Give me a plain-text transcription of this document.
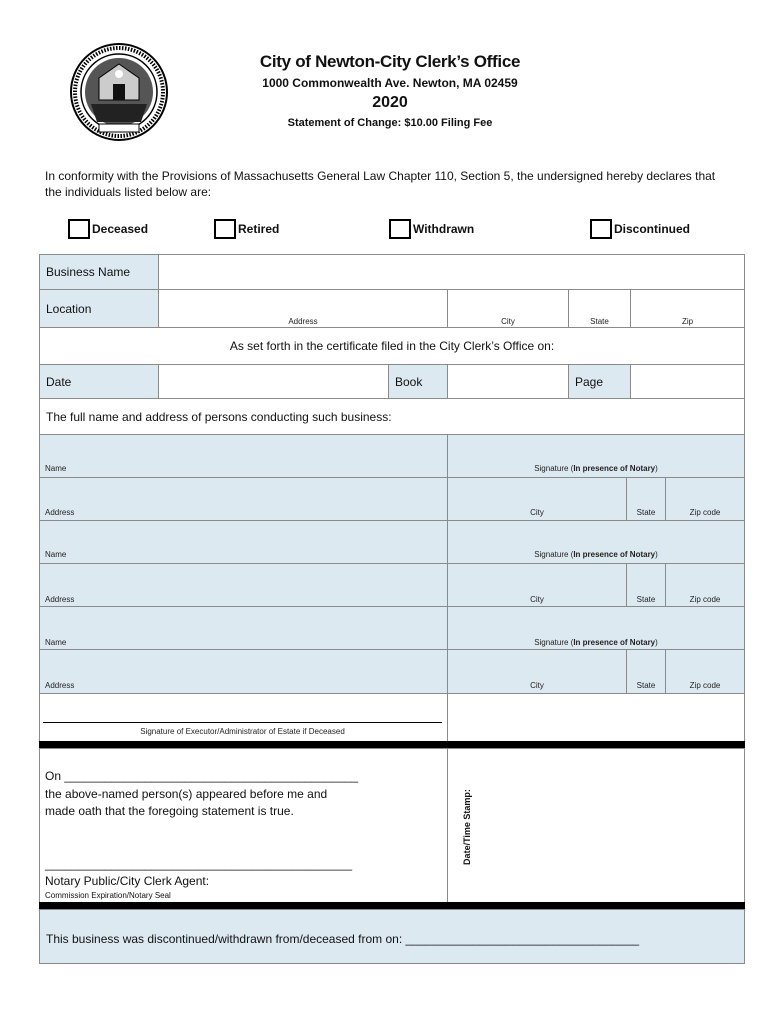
City of Newton-City Clerk’s Office
1000 Commonwealth Ave. Newton, MA 02459
2020
Statement of Change: $10.00 Filing Fee
In conformity with the Provisions of Massachusetts General Law Chapter 110, Section 5, the undersigned hereby declares that the individuals listed below are:
Deceased	Retired	Withdrawn	Discontinued
Business Name
Location
Address	City	State	Zip
As set forth in the certificate filed in the City Clerk’s Office on:
Date	Book	Page
The full name and address of persons conducting such business:
Name	Signature (In presence of Notary)
Address	City	State	Zip code
Name	Signature (In presence of Notary)
Address	City	State	Zip code
Name	Signature (In presence of Notary)
Address	City	State	Zip code
Signature of Executor/Administrator of Estate if Deceased
On ____________________________________________
the above-named person(s) appeared before me and
made oath that the foregoing statement is true.
______________________________________________
Notary Public/City Clerk Agent:
Commission Expiration/Notary Seal
Date/Time Stamp:
This business was discontinued/withdrawn from/deceased from on: ___________________________________
